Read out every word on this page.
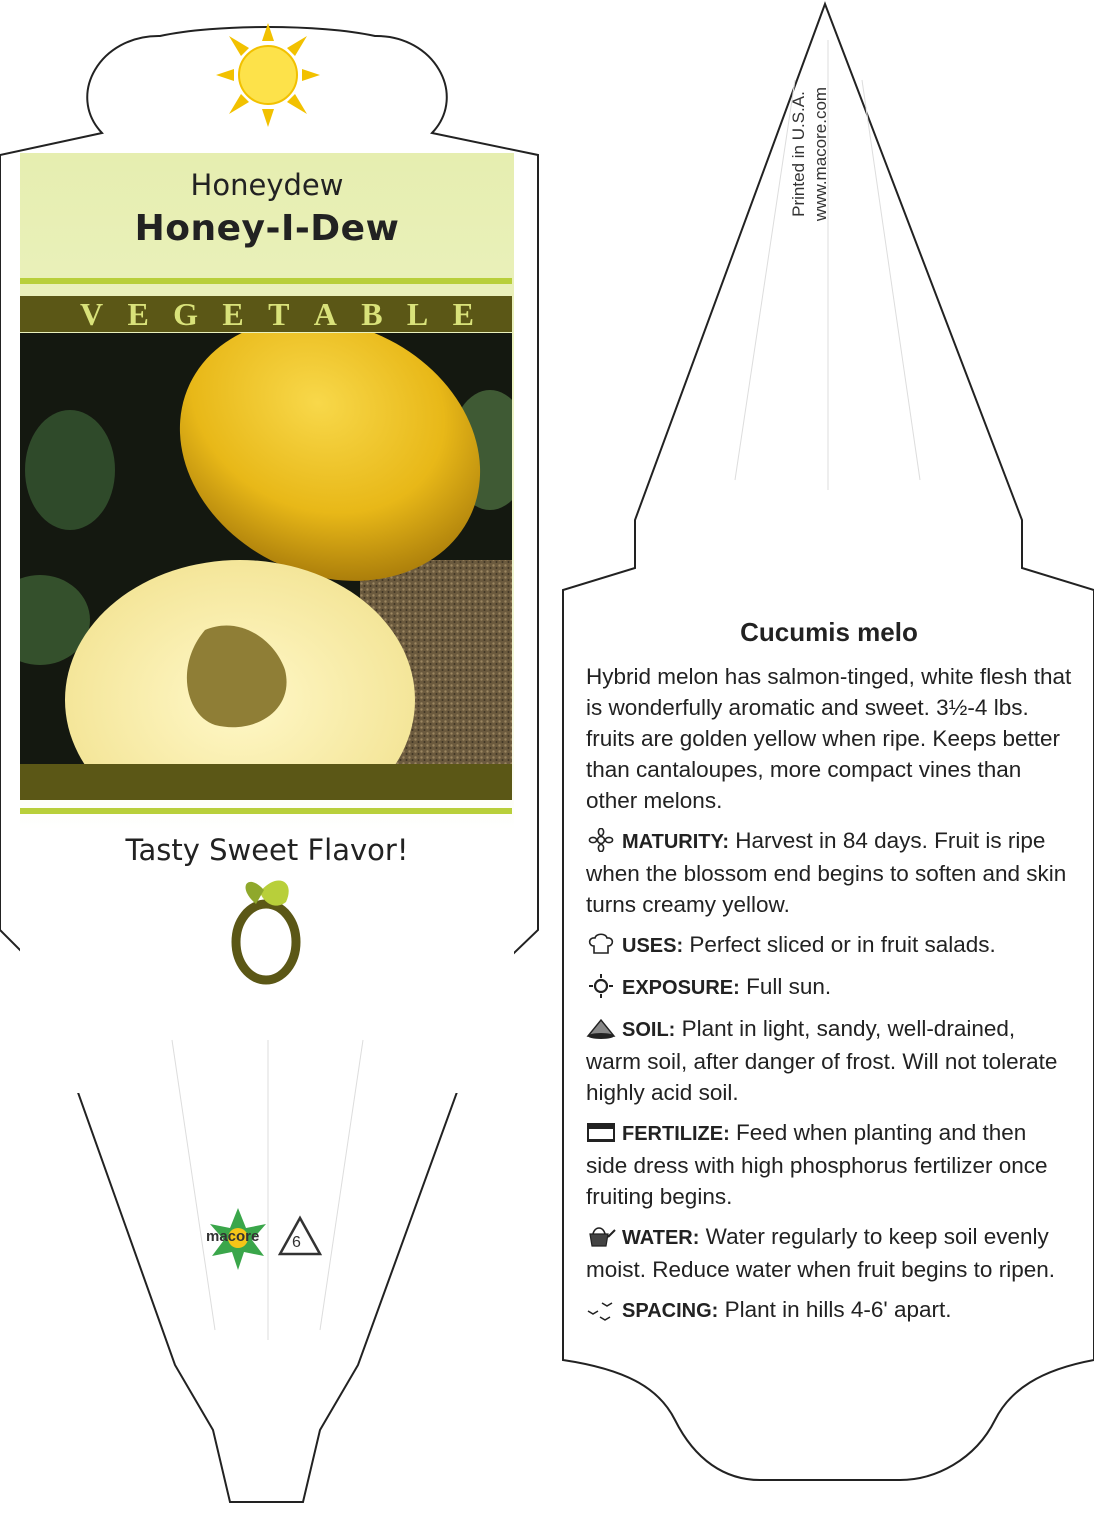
Honeydew

Honey-I-Dew

V E G E T A B L E

Tasty Sweet Flavor!

macore 6
Printed in U.S.A. www.macore.com
Cucumis melo
Hybrid melon has salmon-tinged, white flesh that is wonderfully aromatic and sweet. 3½-4 lbs. fruits are golden yellow when ripe. Keeps better than cantaloupes, more compact vines than other melons.
MATURITY: Harvest in 84 days. Fruit is ripe when the blossom end begins to soften and skin turns creamy yellow.
USES: Perfect sliced or in fruit salads.
EXPOSURE: Full sun.
SOIL: Plant in light, sandy, well-drained, warm soil, after danger of frost. Will not tolerate highly acid soil.
FERTILIZE: Feed when planting and then side dress with high phosphorus fertilizer once fruiting begins.
WATER: Water regularly to keep soil evenly moist. Reduce water when fruit begins to ripen.
SPACING: Plant in hills 4-6' apart.
